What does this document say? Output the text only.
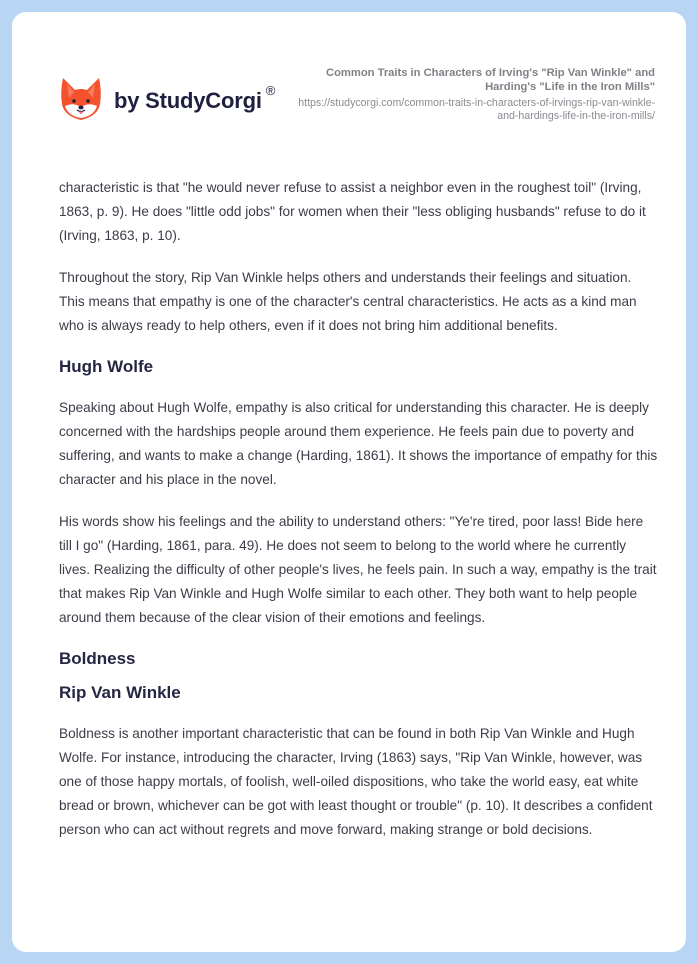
by StudyCorgi ®
Common Traits in Characters of Irving's "Rip Van Winkle" and Harding's "Life in the Iron Mills"
https://studycorgi.com/common-traits-in-characters-of-irvings-rip-van-winkle-and-hardings-life-in-the-iron-mills/

characteristic is that "he would never refuse to assist a neighbor even in the roughest toil" (Irving, 1863, p. 9). He does "little odd jobs" for women when their "less obliging husbands" refuse to do it (Irving, 1863, p. 10).

Throughout the story, Rip Van Winkle helps others and understands their feelings and situation. This means that empathy is one of the character's central characteristics. He acts as a kind man who is always ready to help others, even if it does not bring him additional benefits.

Hugh Wolfe

Speaking about Hugh Wolfe, empathy is also critical for understanding this character. He is deeply concerned with the hardships people around them experience. He feels pain due to poverty and suffering, and wants to make a change (Harding, 1861). It shows the importance of empathy for this character and his place in the novel.

His words show his feelings and the ability to understand others: "Ye're tired, poor lass! Bide here till I go" (Harding, 1861, para. 49). He does not seem to belong to the world where he currently lives. Realizing the difficulty of other people's lives, he feels pain. In such a way, empathy is the trait that makes Rip Van Winkle and Hugh Wolfe similar to each other. They both want to help people around them because of the clear vision of their emotions and feelings.

Boldness
Rip Van Winkle

Boldness is another important characteristic that can be found in both Rip Van Winkle and Hugh Wolfe. For instance, introducing the character, Irving (1863) says, "Rip Van Winkle, however, was one of those happy mortals, of foolish, well-oiled dispositions, who take the world easy, eat white bread or brown, whichever can be got with least thought or trouble" (p. 10). It describes a confident person who can act without regrets and move forward, making strange or bold decisions.
